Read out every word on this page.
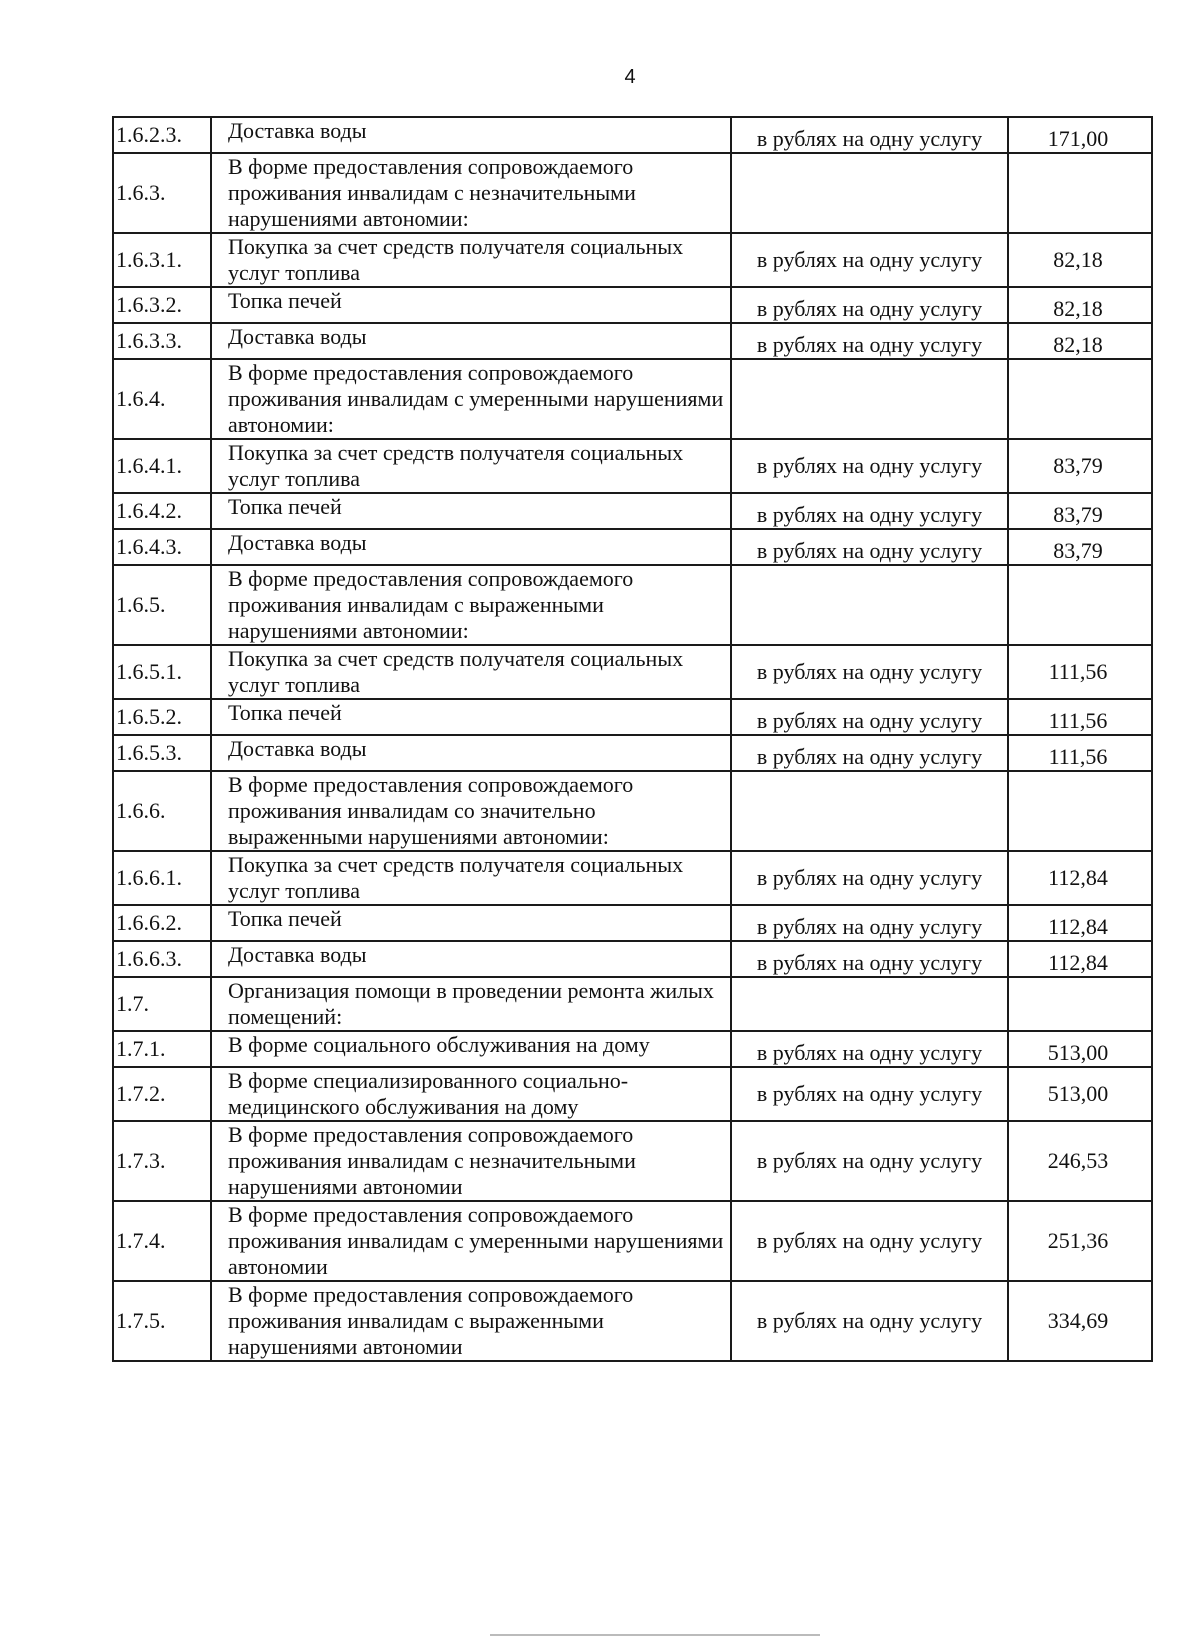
4
1.6.2.3.	Доставка воды	в рублях на одну услугу	171,00
1.6.3.	В форме предоставления сопровождаемого проживания инвалидам с незначительными нарушениями автономии:		
1.6.3.1.	Покупка за счет средств получателя социальных услуг топлива	в рублях на одну услугу	82,18
1.6.3.2.	Топка печей	в рублях на одну услугу	82,18
1.6.3.3.	Доставка воды	в рублях на одну услугу	82,18
1.6.4.	В форме предоставления сопровождаемого проживания инвалидам с умеренными нарушениями автономии:		
1.6.4.1.	Покупка за счет средств получателя социальных услуг топлива	в рублях на одну услугу	83,79
1.6.4.2.	Топка печей	в рублях на одну услугу	83,79
1.6.4.3.	Доставка воды	в рублях на одну услугу	83,79
1.6.5.	В форме предоставления сопровождаемого проживания инвалидам с выраженными нарушениями автономии:		
1.6.5.1.	Покупка за счет средств получателя социальных услуг топлива	в рублях на одну услугу	111,56
1.6.5.2.	Топка печей	в рублях на одну услугу	111,56
1.6.5.3.	Доставка воды	в рублях на одну услугу	111,56
1.6.6.	В форме предоставления сопровождаемого проживания инвалидам со значительно выраженными нарушениями автономии:		
1.6.6.1.	Покупка за счет средств получателя социальных услуг топлива	в рублях на одну услугу	112,84
1.6.6.2.	Топка печей	в рублях на одну услугу	112,84
1.6.6.3.	Доставка воды	в рублях на одну услугу	112,84
1.7.	Организация помощи в проведении ремонта жилых помещений:		
1.7.1.	В форме социального обслуживания на дому	в рублях на одну услугу	513,00
1.7.2.	В форме специализированного социально-медицинского обслуживания на дому	в рублях на одну услугу	513,00
1.7.3.	В форме предоставления сопровождаемого проживания инвалидам с незначительными нарушениями автономии	в рублях на одну услугу	246,53
1.7.4.	В форме предоставления сопровождаемого проживания инвалидам с умеренными нарушениями автономии	в рублях на одну услугу	251,36
1.7.5.	В форме предоставления сопровождаемого проживания инвалидам с выраженными нарушениями автономии	в рублях на одну услугу	334,69
